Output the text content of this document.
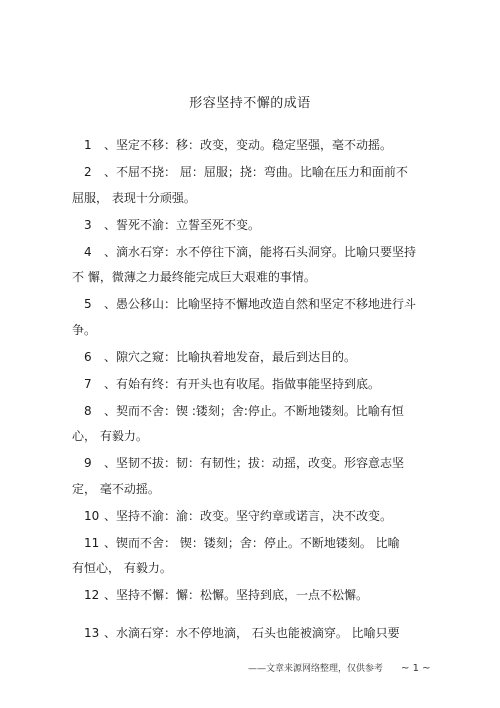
形容坚持不懈的成语
1 、坚定不移：移：改变，变动。稳定坚强，毫不动摇。
2 、不屈不挠： 屈：屈服；挠：弯曲。比喻在压力和面前不
屈服， 表现十分顽强。
3 、誓死不渝：立誓至死不变。
4 、滴水石穿：水不停往下滴，能将石头洞穿。比喻只要坚持
不 懈，微薄之力最终能完成巨大艰难的事情。
5 、愚公移山：比喻坚持不懈地改造自然和坚定不移地进行斗
争。
6 、隙穴之窥：比喻执着地发奋，最后到达目的。
7 、有始有终：有开头也有收尾。指做事能坚持到底。
8 、契而不舍：锲 :镂刻；舍:停止。不断地镂刻。比喻有恒
心， 有毅力。
9 、坚韧不拔：韧：有韧性；拔：动摇，改变。形容意志坚
定， 毫不动摇。
10 、坚持不渝：渝：改变。坚守约章或诺言，决不改变。
11 、锲而不舍： 锲：镂刻；舍：停止。不断地镂刻。 比喻
有恒心， 有毅力。
12 、坚持不懈：懈：松懈。坚持到底，一点不松懈。
13 、水滴石穿：水不停地滴， 石头也能被滴穿。 比喻只要
——文章来源网络整理，仅供参考 ~ 1 ~
